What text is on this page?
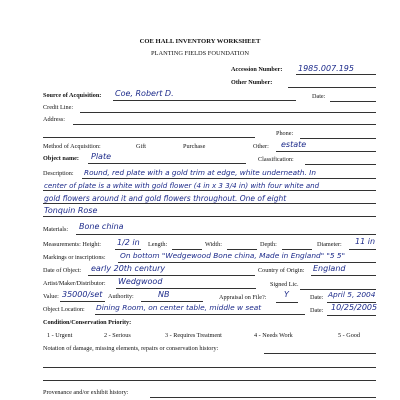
COE HALL INVENTORY WORKSHEET
PLANTING FIELDS FOUNDATION
Accession Number: 1985.007.195
Other Number:
Source of Acquisition: Coe, Robert D.	Date:
Credit Line:
Address:
Phone:
Method of Acquisition:	Gift	Purchase	Other: estate
Object name: Plate	Classification:
Description: Round, red plate with a gold trim at edge, white underneath. In
center of plate is a white with gold flower (4 in x 3 3/4 in) with four white and
gold flowers around it and gold flowers throughout. One of eight
Tonquin Rose
Materials: Bone china
Measurements: Height: 1/2 in Length:	Width:	Depth:	Diameter: 11 in
Markings or inscriptions: On bottom "Wedgewood Bone china, Made in England" "5 5"
Date of Object: early 20th century	Country of Origin: England
Artist/Maker/Distributor: Wedgwood	Signed Lic.
Value: 35000/set Authority:	NB	Appraisal on File?: Y	Date: April 5, 2004
Object Location: Dining Room, on center table, middle w seat	Date: 10/25/2005
Condition/Conservation Priority:
1 - Urgent	2 - Serious	3 - Requires Treatment	4 - Needs Work	5 - Good
Notation of damage, missing elements, repairs or conservation history:
Provenance and/or exhibit history:
